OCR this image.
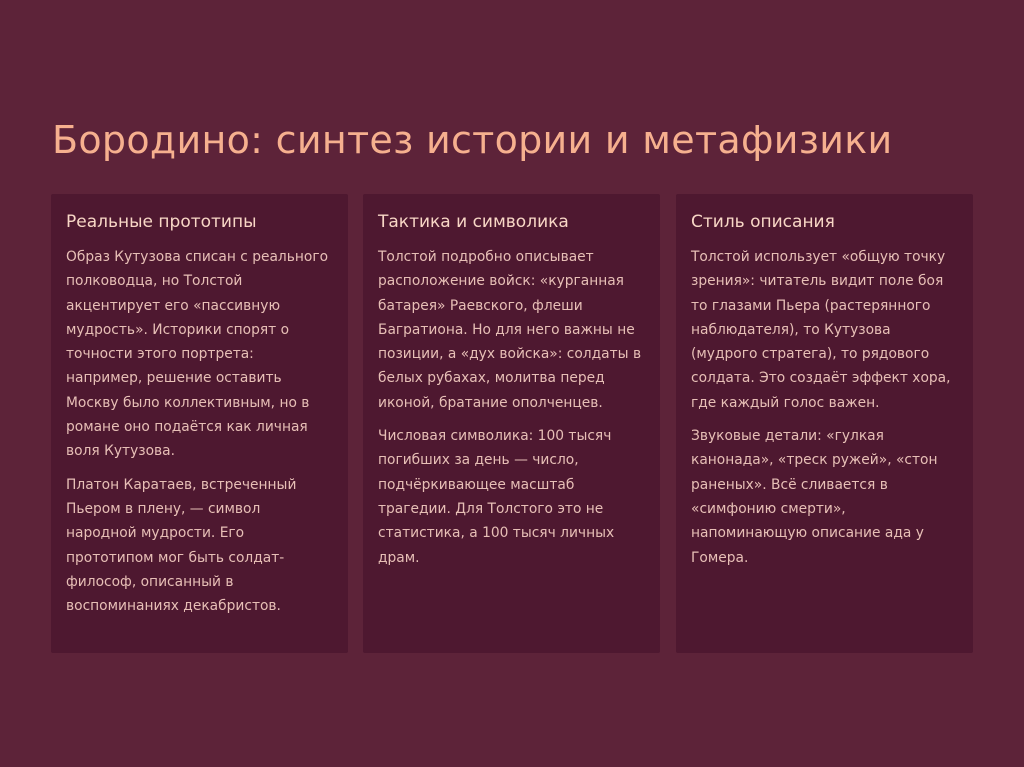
Бородино: синтез истории и метафизики
Реальные прототипы

Образ Кутузова списан с реального полководца, но Толстой акцентирует его «пассивную мудрость». Историки спорят о точности этого портрета: например, решение оставить Москву было коллективным, но в романе оно подаётся как личная воля Кутузова.

Платон Каратаев, встреченный Пьером в плену, — символ народной мудрости. Его прототипом мог быть солдат-философ, описанный в воспоминаниях декабристов.

Тактика и символика

Толстой подробно описывает расположение войск: «курганная батарея» Раевского, флеши Багратиона. Но для него важны не позиции, а «дух войска»: солдаты в белых рубахах, молитва перед иконой, братание ополченцев.

Числовая символика: 100 тысяч погибших за день — число, подчёркивающее масштаб трагедии. Для Толстого это не статистика, а 100 тысяч личных драм.

Стиль описания

Толстой использует «общую точку зрения»: читатель видит поле боя то глазами Пьера (растерянного наблюдателя), то Кутузова (мудрого стратега), то рядового солдата. Это создаёт эффект хора, где каждый голос важен.

Звуковые детали: «гулкая канонада», «треск ружей», «стон раненых». Всё сливается в «симфонию смерти», напоминающую описание ада у Гомера.
